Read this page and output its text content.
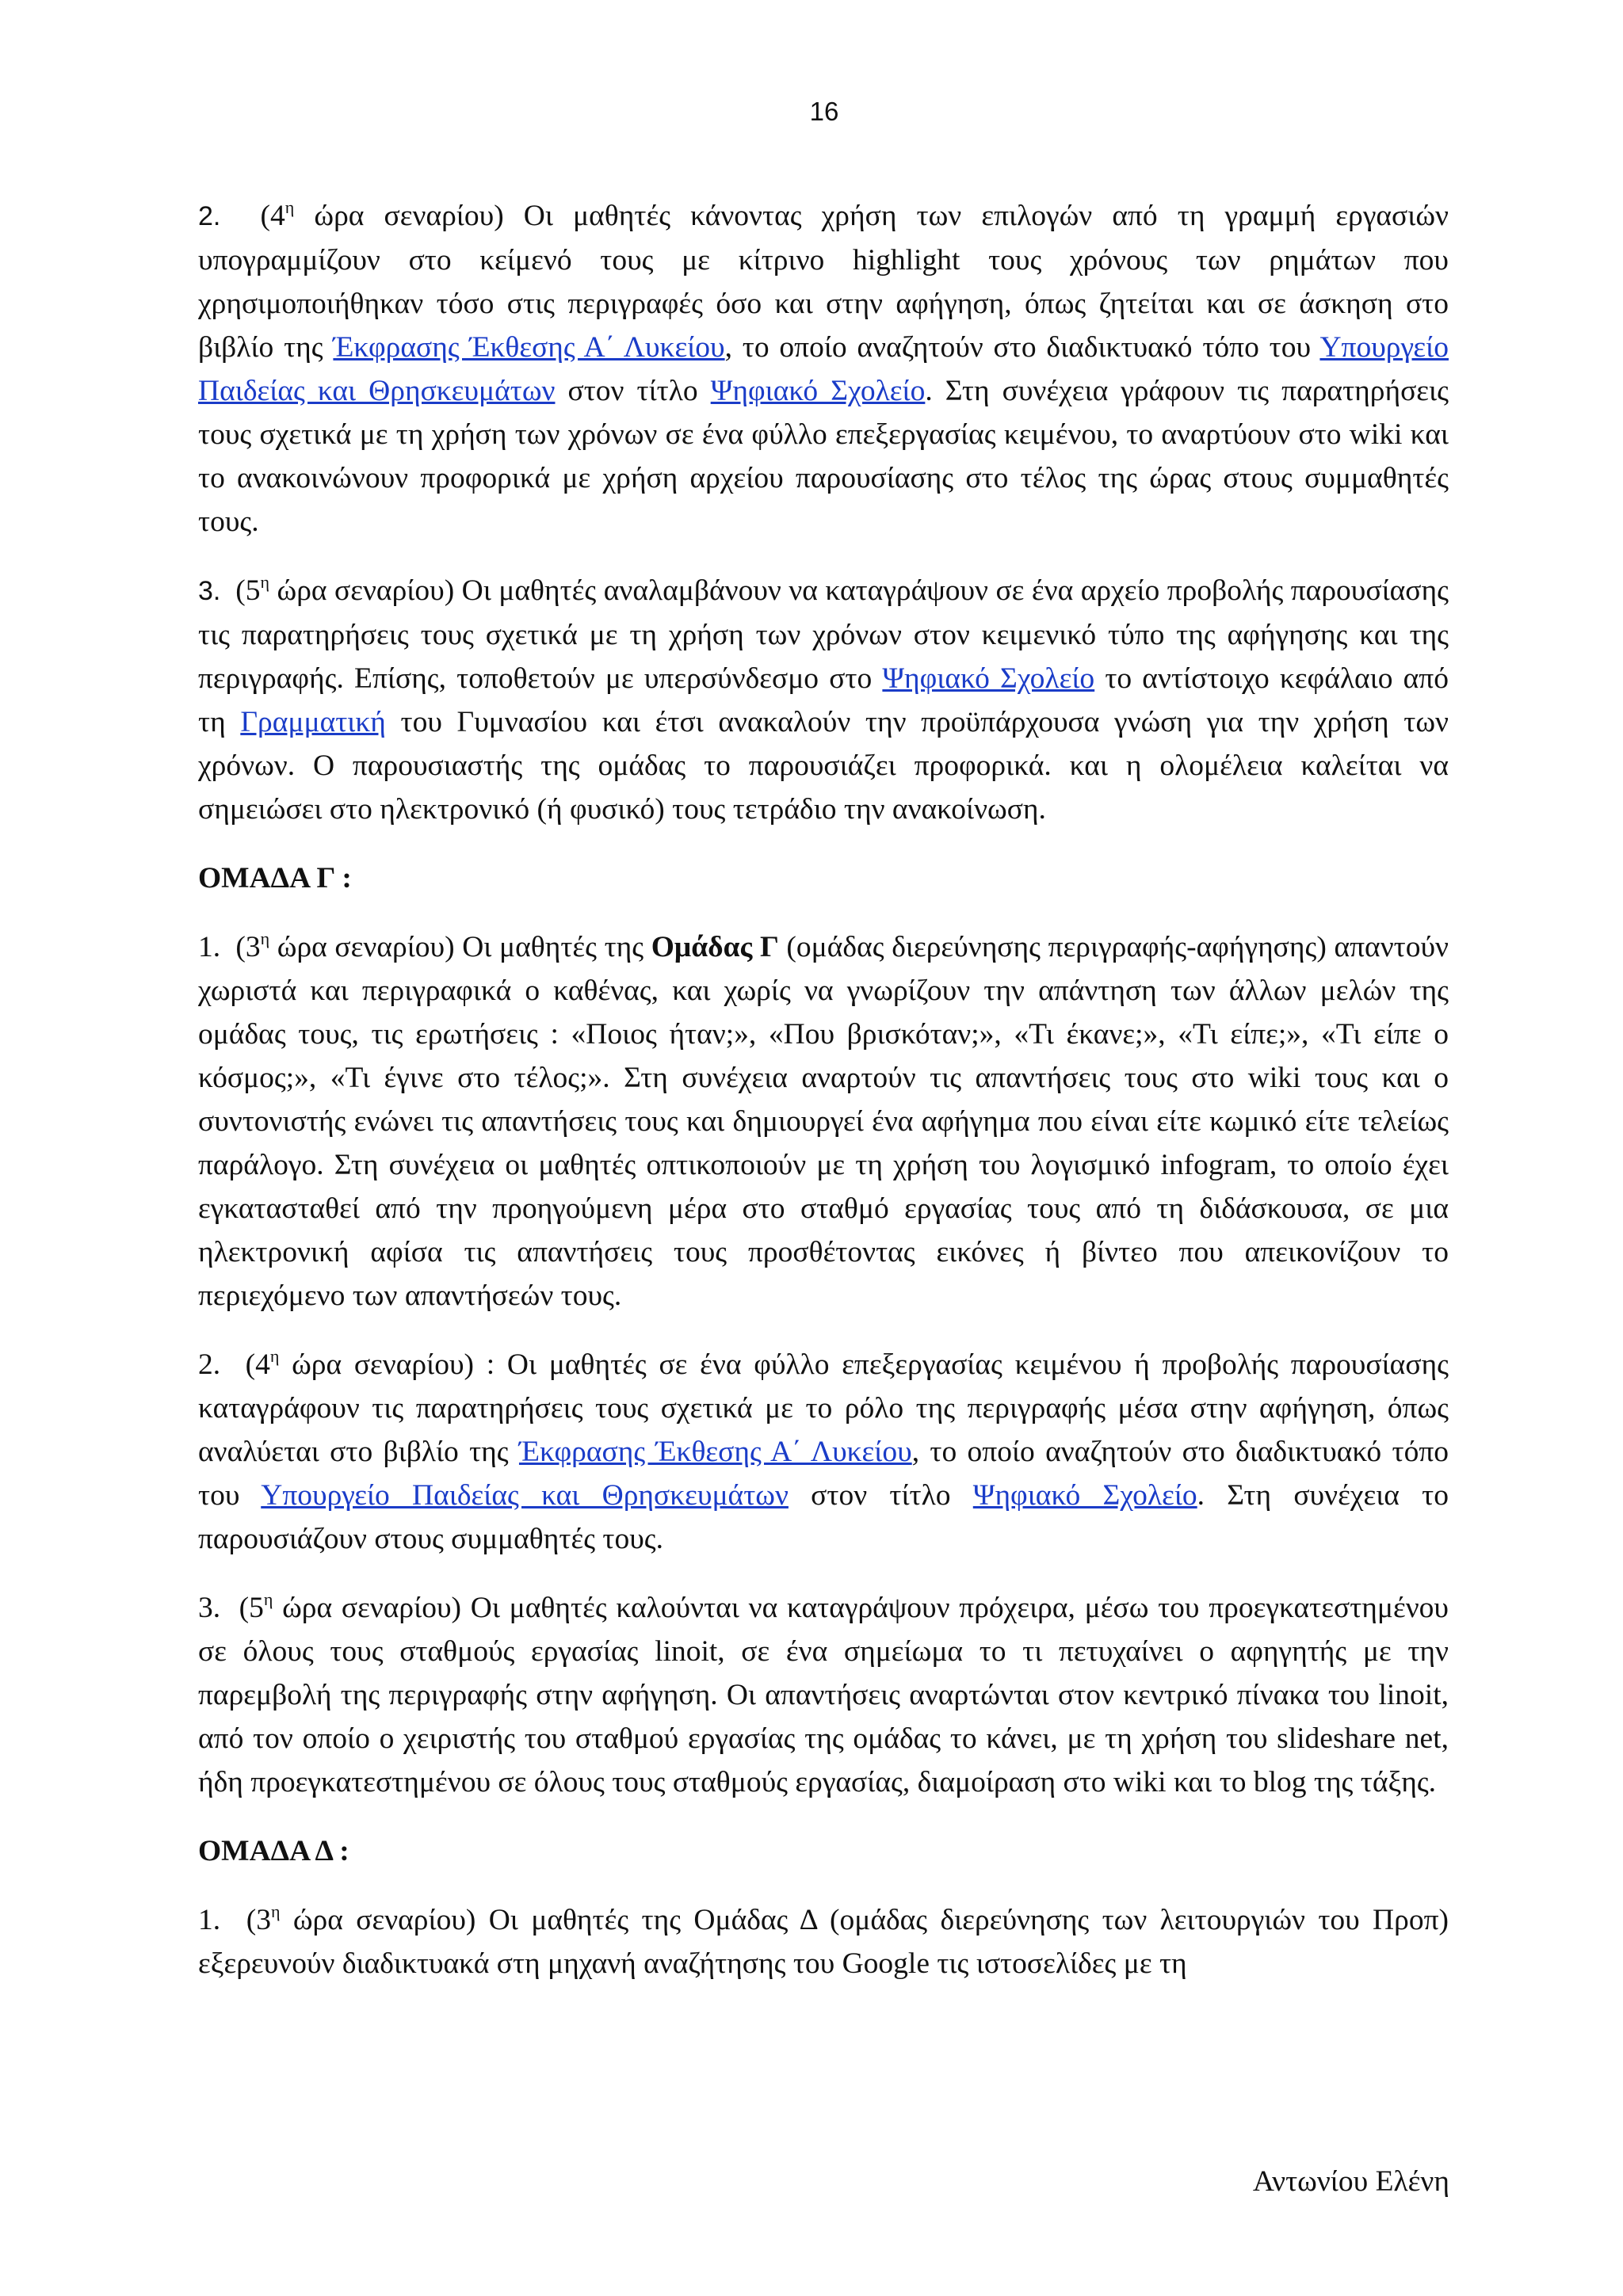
16

2. ($4^\eta$ ώρα σεναρίου) Οι μαθητές κάνοντας χρήση των επιλογών από τη γραμμή εργασιών υπογραμμίζουν στο κείμενό τους με κίτρινο highlight τους χρόνους των ρημάτων που χρησιμοποιήθηκαν τόσο στις περιγραφές όσο και στην αφήγηση, όπως ζητείται και σε άσκηση στο βιβλίο της Έκφρασης Έκθεσης Α΄ Λυκείου, το οποίο αναζητούν στο διαδικτυακό τόπο του Υπουργείο Παιδείας και Θρησκευμάτων στον τίτλο Ψηφιακό Σχολείο. Στη συνέχεια γράφουν τις παρατηρήσεις τους σχετικά με τη χρήση των χρόνων σε ένα φύλλο επεξεργασίας κειμένου, το αναρτύουν στο wiki και το ανακοινώνουν προφορικά με χρήση αρχείου παρουσίασης στο τέλος της ώρας στους συμμαθητές τους.

3. ($5^\eta$ ώρα σεναρίου) Οι μαθητές αναλαμβάνουν να καταγράψουν σε ένα αρχείο προβολής παρουσίασης τις παρατηρήσεις τους σχετικά με τη χρήση των χρόνων στον κειμενικό τύπο της αφήγησης και της περιγραφής. Επίσης, τοποθετούν με υπερσύνδεσμο στο Ψηφιακό Σχολείο το αντίστοιχο κεφάλαιο από τη Γραμματική του Γυμνασίου και έτσι ανακαλούν την προϋπάρχουσα γνώση για την χρήση των χρόνων. Ο παρουσιαστής της ομάδας το παρουσιάζει προφορικά. και η ολομέλεια καλείται να σημειώσει στο ηλεκτρονικό (ή φυσικό) τους τετράδιο την ανακοίνωση.

ΟΜΑΔΑ Γ :

1. ($3^\eta$ ώρα σεναρίου) Οι μαθητές της Ομάδας Γ (ομάδας διερεύνησης περιγραφής-αφήγησης) απαντούν χωριστά και περιγραφικά ο καθένας, και χωρίς να γνωρίζουν την απάντηση των άλλων μελών της ομάδας τους, τις ερωτήσεις : «Ποιος ήταν;», «Που βρισκόταν;», «Τι έκανε;», «Τι είπε;», «Τι είπε ο κόσμος;», «Τι έγινε στο τέλος;». Στη συνέχεια αναρτούν τις απαντήσεις τους στο wiki τους και ο συντονιστής ενώνει τις απαντήσεις τους και δημιουργεί ένα αφήγημα που είναι είτε κωμικό είτε τελείως παράλογο. Στη συνέχεια οι μαθητές οπτικοποιούν με τη χρήση του λογισμικό infogram, το οποίο έχει εγκατασταθεί από την προηγούμενη μέρα στο σταθμό εργασίας τους από τη διδάσκουσα, σε μια ηλεκτρονική αφίσα τις απαντήσεις τους προσθέτοντας εικόνες ή βίντεο που απεικονίζουν το περιεχόμενο των απαντήσεών τους.

2. ($4^\eta$ ώρα σεναρίου) : Οι μαθητές σε ένα φύλλο επεξεργασίας κειμένου ή προβολής παρουσίασης καταγράφουν τις παρατηρήσεις τους σχετικά με το ρόλο της περιγραφής μέσα στην αφήγηση, όπως αναλύεται στο βιβλίο της Έκφρασης Έκθεσης Α΄ Λυκείου, το οποίο αναζητούν στο διαδικτυακό τόπο του Υπουργείο Παιδείας και Θρησκευμάτων στον τίτλο Ψηφιακό Σχολείο. Στη συνέχεια το παρουσιάζουν στους συμμαθητές τους.

3. ($5^\eta$ ώρα σεναρίου) Οι μαθητές καλούνται να καταγράψουν πρόχειρα, μέσω του προεγκατεστημένου σε όλους τους σταθμούς εργασίας linoit, σε ένα σημείωμα το τι πετυχαίνει ο αφηγητής με την παρεμβολή της περιγραφής στην αφήγηση. Οι απαντήσεις αναρτώνται στον κεντρικό πίνακα του linoit, από τον οποίο ο χειριστής του σταθμού εργασίας της ομάδας το κάνει, με τη χρήση του slideshare net, ήδη προεγκατεστημένου σε όλους τους σταθμούς εργασίας, διαμοίραση στο wiki και το blog της τάξης.

ΟΜΑΔΑ Δ :

1. ($3^\eta$ ώρα σεναρίου) Οι μαθητές της Ομάδας Δ (ομάδας διερεύνησης των λειτουργιών του Προπ) εξερευνούν διαδικτυακά στη μηχανή αναζήτησης του Google τις ιστοσελίδες με τη

Αντωνίου Ελένη
